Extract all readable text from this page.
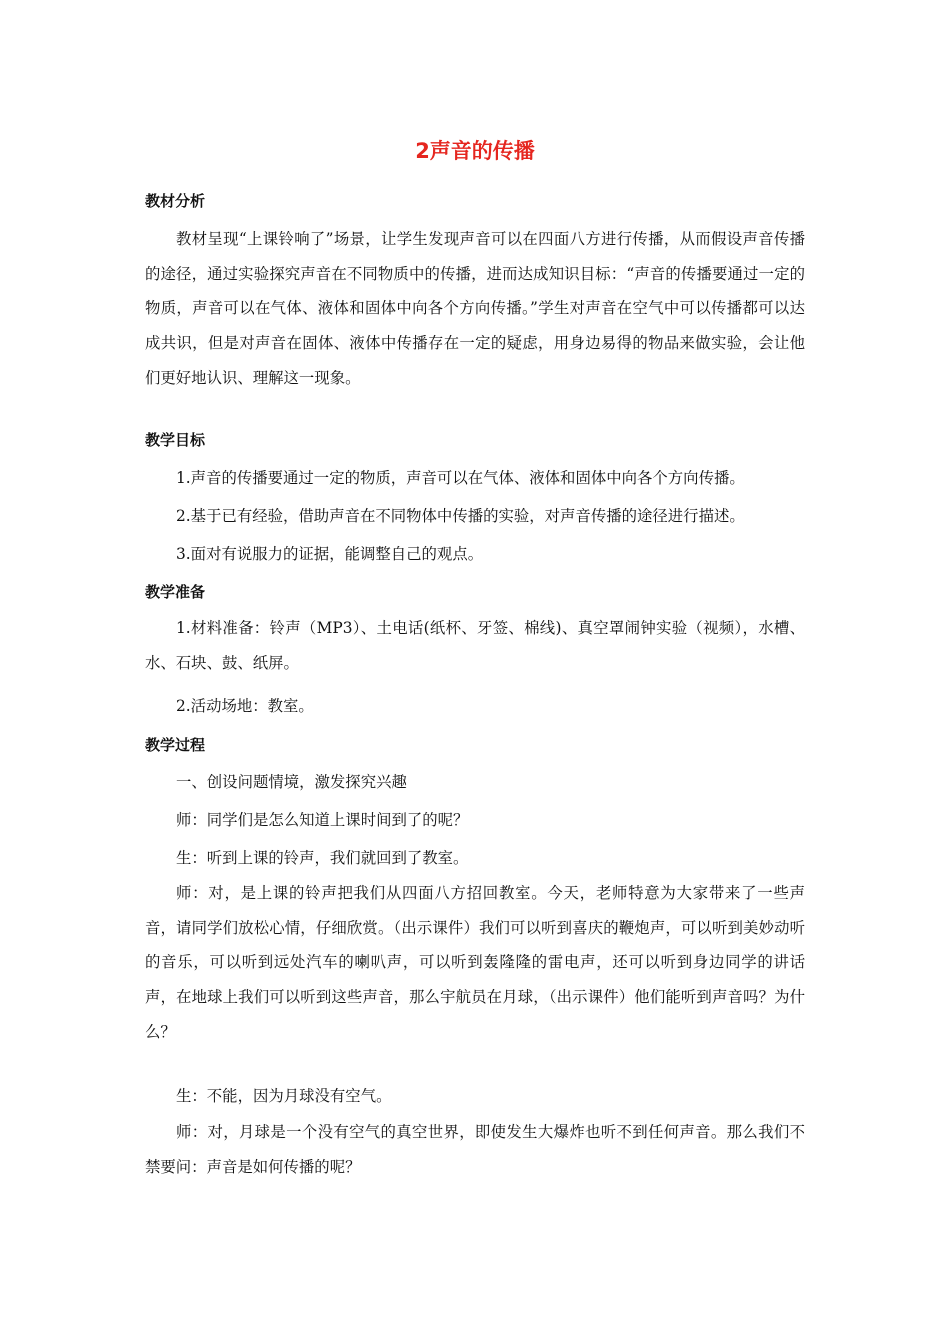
2声音的传播
教材分析

教材呈现“上课铃响了”场景，让学生发现声音可以在四面八方进行传播，从而假设声音传播的途径，通过实验探究声音在不同物质中的传播，进而达成知识目标：“声音的传播要通过一定的物质，声音可以在气体、液体和固体中向各个方向传播。”学生对声音在空气中可以传播都可以达成共识，但是对声音在固体、液体中传播存在一定的疑虑，用身边易得的物品来做实验，会让他们更好地认识、理解这一现象。

教学目标

1.声音的传播要通过一定的物质，声音可以在气体、液体和固体中向各个方向传播。

2.基于已有经验，借助声音在不同物体中传播的实验，对声音传播的途径进行描述。

3.面对有说服力的证据，能调整自己的观点。

教学准备

1.材料准备：铃声（MP3）、土电话(纸杯、牙签、棉线)、真空罩闹钟实验（视频），水槽、水、石块、鼓、纸屏。

2.活动场地：教室。

教学过程

一、创设问题情境，激发探究兴趣

师：同学们是怎么知道上课时间到了的呢？

生：听到上课的铃声，我们就回到了教室。

师：对，是上课的铃声把我们从四面八方招回教室。今天，老师特意为大家带来了一些声音，请同学们放松心情，仔细欣赏。（出示课件）我们可以听到喜庆的鞭炮声，可以听到美妙动听的音乐，可以听到远处汽车的喇叭声，可以听到轰隆隆的雷电声，还可以听到身边同学的讲话声，在地球上我们可以听到这些声音，那么宇航员在月球，（出示课件）他们能听到声音吗？为什么？

生：不能，因为月球没有空气。

师：对，月球是一个没有空气的真空世界，即使发生大爆炸也听不到任何声音。那么我们不禁要问：声音是如何传播的呢？
